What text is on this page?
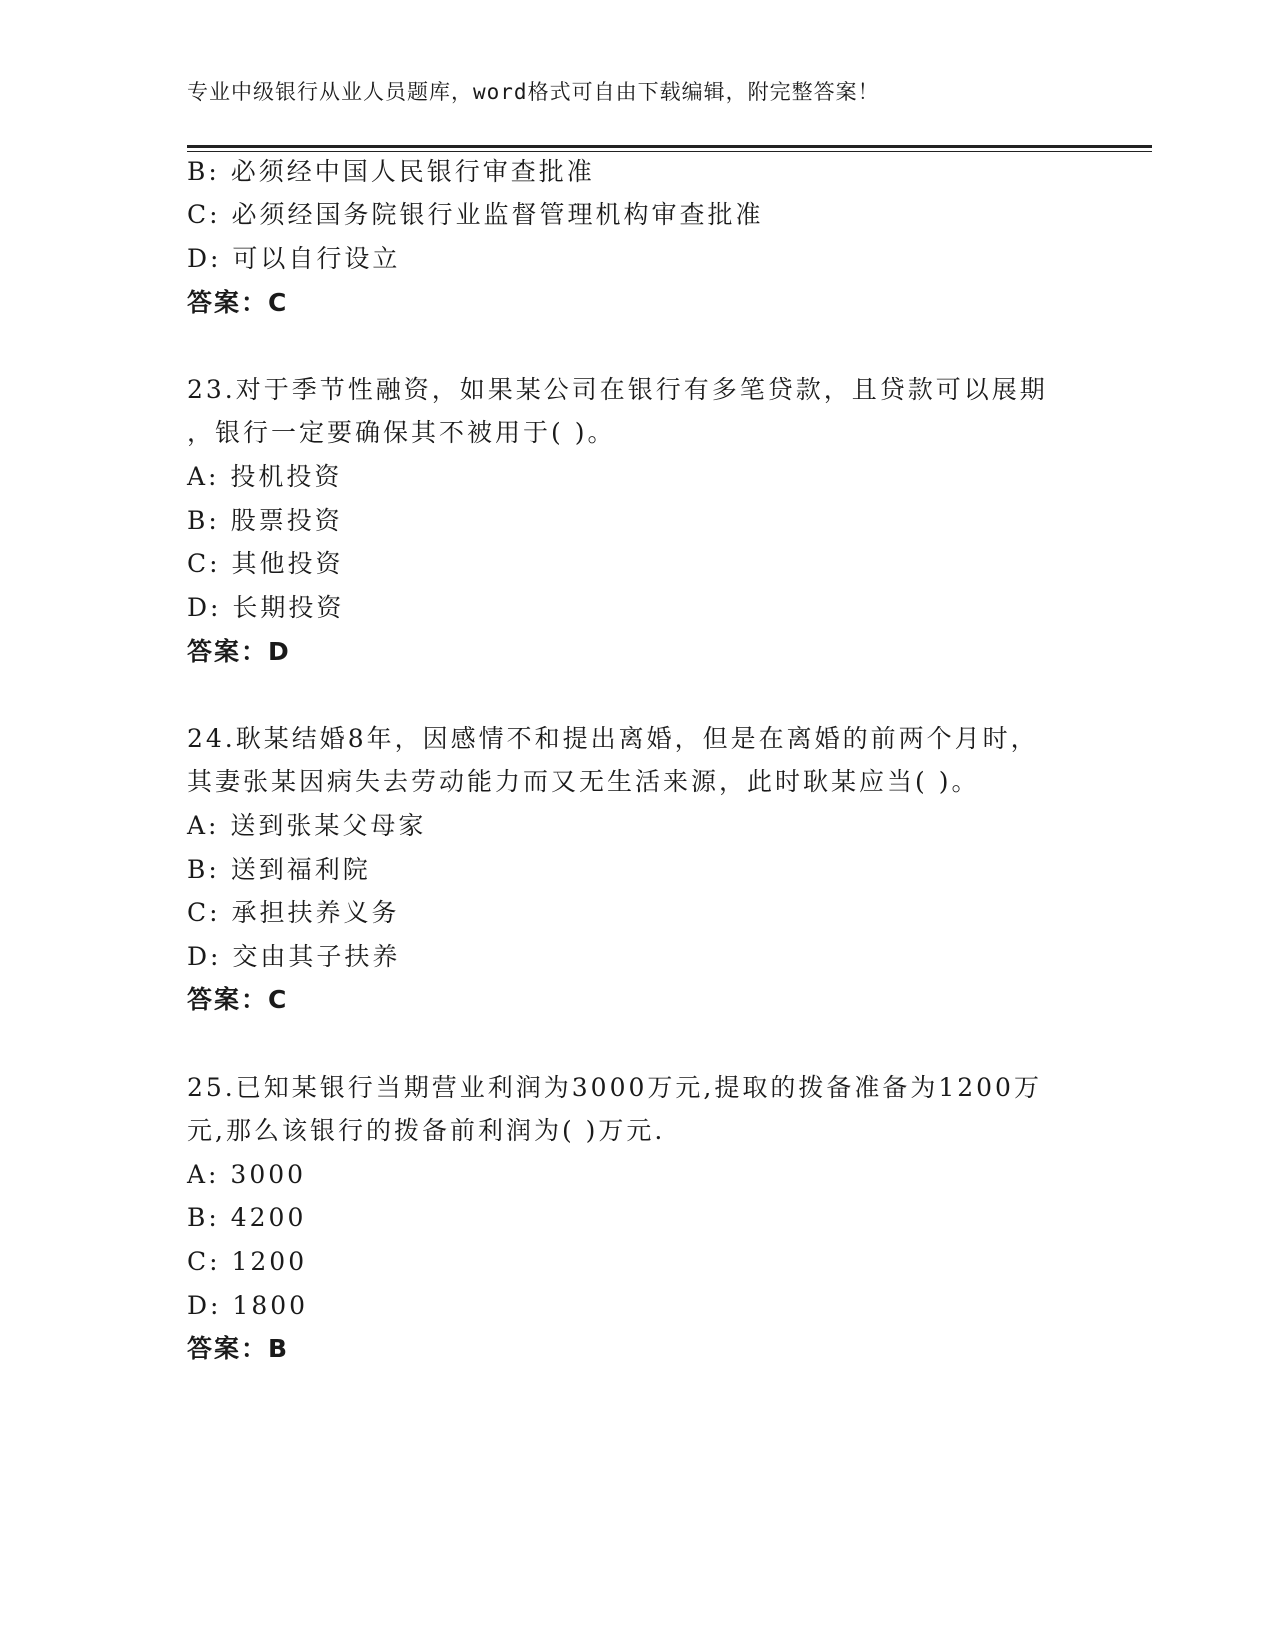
专业中级银行从业人员题库，word格式可自由下载编辑，附完整答案！
B: 必须经中国人民银行审查批准
C: 必须经国务院银行业监督管理机构审查批准
D: 可以自行设立
答案：C
23.对于季节性融资，如果某公司在银行有多笔贷款，且贷款可以展期
，银行一定要确保其不被用于( )。
A: 投机投资
B: 股票投资
C: 其他投资
D: 长期投资
答案：D
24.耿某结婚8年，因感情不和提出离婚，但是在离婚的前两个月时，
其妻张某因病失去劳动能力而又无生活来源，此时耿某应当( )。
A: 送到张某父母家
B: 送到福利院
C: 承担扶养义务
D: 交由其子扶养
答案：C
25.已知某银行当期营业利润为3000万元,提取的拨备准备为1200万
元,那么该银行的拨备前利润为( )万元.
A: 3000
B: 4200
C: 1200
D: 1800
答案：B
